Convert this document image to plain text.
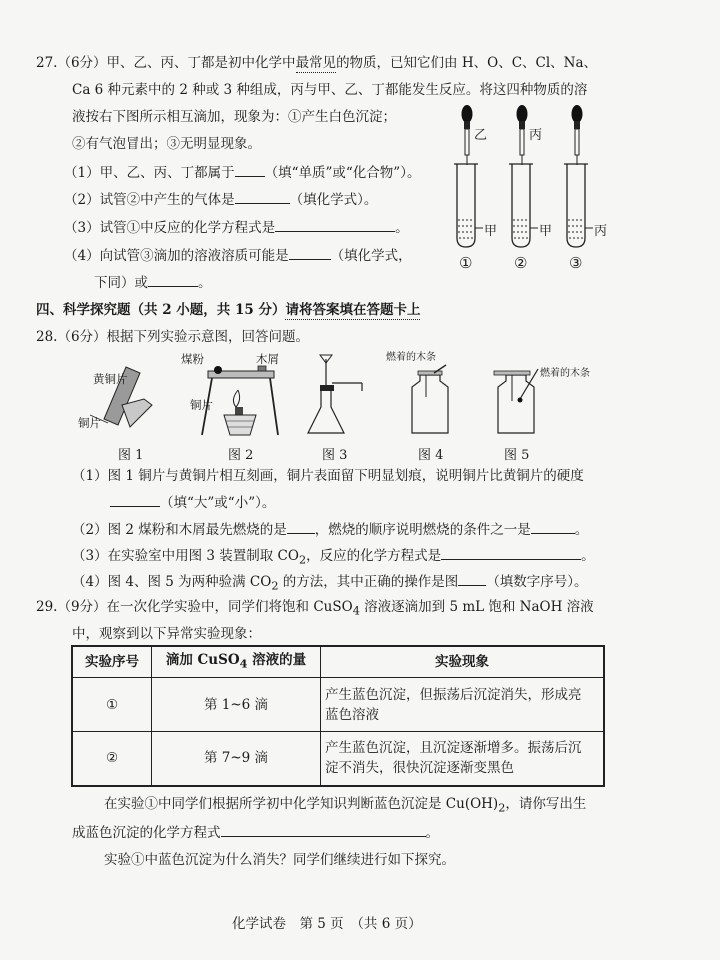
27.（6分）甲、乙、丙、丁都是初中化学中最常见的物质，已知它们由 H、O、C、Cl、Na、
Ca 6 种元素中的 2 种或 3 种组成，丙与甲、乙、丁都能发生反应。将这四种物质的溶
液按右下图所示相互滴加，现象为：①产生白色沉淀；
②有气泡冒出；③无明显现象。
（1）甲、乙、丙、丁都属于 （填“单质”或“化合物”）。
（2）试管②中产生的气体是	（填化学式）。
（3）试管①中反应的化学方程式是	。
（4）向试管③滴加的溶液溶质可能是	（填化学式，
下同）或	。
乙	丙
甲	甲	丙
①	②	③
四、科学探究题（共 2 小题，共 15 分）请将答案填在答题卡上
28.（6分）根据下列实验示意图，回答问题。
黄铜片
铜片
煤粉	木屑
铜片
燃着的木条
燃着的木条
图 1	图 2	图 3	图 4	图 5
（1）图 1 铜片与黄铜片相互刻画，铜片表面留下明显划痕，说明铜片比黄铜片的硬度
（填“大”或“小”）。
（2）图 2 煤粉和木屑最先燃烧的是 ，燃烧的顺序说明燃烧的条件之一是	。
（3）在实验室中用图 3 装置制取 $CO_2$，反应的化学方程式是	。
（4）图 4、图 5 为两种验满 $CO_2$ 的方法，其中正确的操作是图 （填数字序号）。
29.（9分）在一次化学实验中，同学们将饱和 CuSO$_4$ 溶液逐滴加到 5 mL 饱和 NaOH 溶液
中，观察到以下异常实验现象：
实验序号	滴加 CuSO$_4$ 溶液的量	实验现象
①	第 1~6 滴	产生蓝色沉淀，但振荡后沉淀消失，形成亮
蓝色溶液

②	第 7~9 滴	产生蓝色沉淀，且沉淀逐渐增多。振荡后沉
淀不消失，很快沉淀逐渐变黑色
在实验①中同学们根据所学初中化学知识判断蓝色沉淀是 $Cu(OH)_2$，请你写出生
成蓝色沉淀的化学方程式	。
实验①中蓝色沉淀为什么消失？同学们继续进行如下探究。
化学试卷　第 5 页　（共 6 页）
